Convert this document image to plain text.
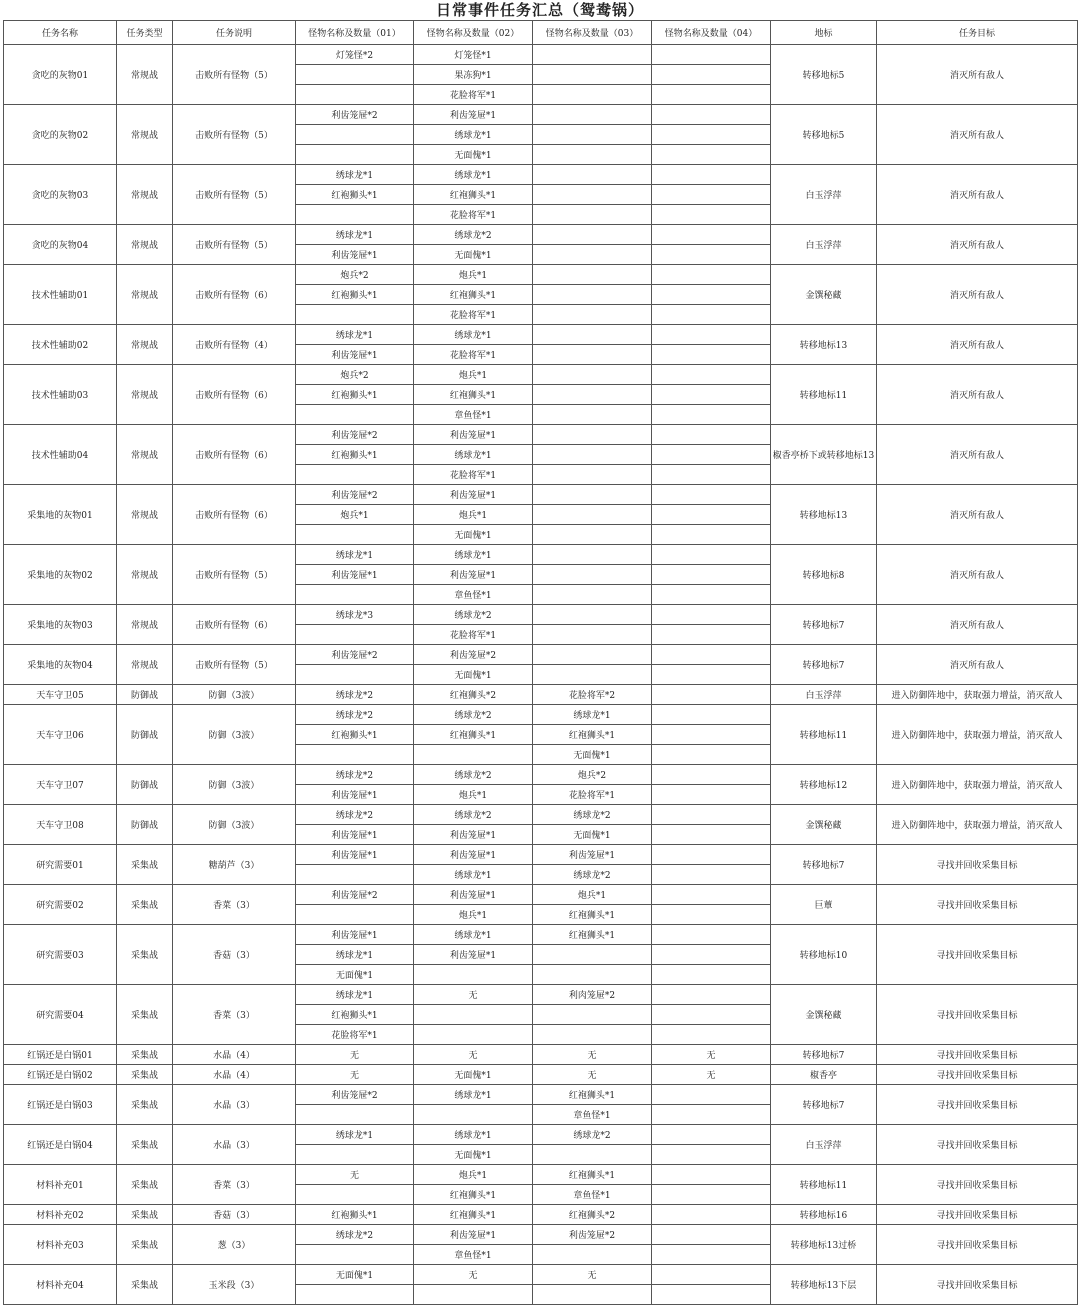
日常事件任务汇总（鸳鸯锅）
任务名称	任务类型	任务说明	怪物名称及数量（01）	怪物名称及数量（02）	怪物名称及数量（03）	怪物名称及数量（04）	地标	任务目标
贪吃的灰物01	常规战	击败所有怪物（5）	灯笼怪*2	灯笼怪*1			转移地标5	消灭所有敌人
				果冻狗*1				
				花脸将军*1				
贪吃的灰物02	常规战	击败所有怪物（5）	利齿笼屉*2	利齿笼屉*1			转移地标5	消灭所有敌人
				绣球龙*1				
				无面傀*1				
贪吃的灰物03	常规战	击败所有怪物（5）	绣球龙*1	绣球龙*1			白玉浮萍	消灭所有敌人
			红袍狮头*1	红袍狮头*1				
				花脸将军*1				
贪吃的灰物04	常规战	击败所有怪物（5）	绣球龙*1	绣球龙*2			白玉浮萍	消灭所有敌人
			利齿笼屉*1	无面傀*1				
技术性辅助01	常规战	击败所有怪物（6）	炮兵*2	炮兵*1			金馔秘藏	消灭所有敌人
			红袍狮头*1	红袍狮头*1				
				花脸将军*1				
技术性辅助02	常规战	击败所有怪物（4）	绣球龙*1	绣球龙*1			转移地标13	消灭所有敌人
			利齿笼屉*1	花脸将军*1				
技术性辅助03	常规战	击败所有怪物（6）	炮兵*2	炮兵*1			转移地标11	消灭所有敌人
			红袍狮头*1	红袍狮头*1				
				章鱼怪*1				
技术性辅助04	常规战	击败所有怪物（6）	利齿笼屉*2	利齿笼屉*1			椒香亭桥下或转移地标13	消灭所有敌人
			红袍狮头*1	绣球龙*1				
				花脸将军*1				
采集地的灰物01	常规战	击败所有怪物（6）	利齿笼屉*2	利齿笼屉*1			转移地标13	消灭所有敌人
			炮兵*1	炮兵*1				
				无面傀*1				
采集地的灰物02	常规战	击败所有怪物（5）	绣球龙*1	绣球龙*1			转移地标8	消灭所有敌人
			利齿笼屉*1	利齿笼屉*1				
				章鱼怪*1				
采集地的灰物03	常规战	击败所有怪物（6）	绣球龙*3	绣球龙*2			转移地标7	消灭所有敌人
				花脸将军*1				
采集地的灰物04	常规战	击败所有怪物（5）	利齿笼屉*2	利齿笼屉*2			转移地标7	消灭所有敌人
				无面傀*1				
天车守卫05	防御战	防御（3波）	绣球龙*2	红袍狮头*2	花脸将军*2		白玉浮萍	进入防御阵地中，获取强力增益，消灭敌人
天车守卫06	防御战	防御（3波）	绣球龙*2	绣球龙*2	绣球龙*1		转移地标11	进入防御阵地中，获取强力增益，消灭敌人
			红袍狮头*1	红袍狮头*1	红袍狮头*1			
					无面傀*1			
天车守卫07	防御战	防御（3波）	绣球龙*2	绣球龙*2	炮兵*2		转移地标12	进入防御阵地中，获取强力增益，消灭敌人
			利齿笼屉*1	炮兵*1	花脸将军*1			
天车守卫08	防御战	防御（3波）	绣球龙*2	绣球龙*2	绣球龙*2		金馔秘藏	进入防御阵地中，获取强力增益，消灭敌人
			利齿笼屉*1	利齿笼屉*1	无面傀*1			
研究需要01	采集战	糖葫芦（3）	利齿笼屉*1	利齿笼屉*1	利齿笼屉*1		转移地标7	寻找并回收采集目标
				绣球龙*1	绣球龙*2			
研究需要02	采集战	香菜（3）	利齿笼屉*2	利齿笼屉*1	炮兵*1		巨蕈	寻找并回收采集目标
				炮兵*1	红袍狮头*1			
研究需要03	采集战	香菇（3）	利齿笼屉*1	绣球龙*1	红袍狮头*1		转移地标10	寻找并回收采集目标
			绣球龙*1	利齿笼屉*1				
			无面傀*1					
研究需要04	采集战	香菜（3）	绣球龙*1	无	利肉笼屉*2		金馔秘藏	寻找并回收采集目标
			红袍狮头*1					
			花脸将军*1					
红锅还是白锅01	采集战	水晶（4）	无	无	无	无	转移地标7	寻找并回收采集目标
红锅还是白锅02	采集战	水晶（4）	无	无面傀*1	无	无	椒香亭	寻找并回收采集目标
红锅还是白锅03	采集战	水晶（3）	利齿笼屉*2	绣球龙*1	红袍狮头*1		转移地标7	寻找并回收采集目标
					章鱼怪*1			
红锅还是白锅04	采集战	水晶（3）	绣球龙*1	绣球龙*1	绣球龙*2		白玉浮萍	寻找并回收采集目标
				无面傀*1				
材料补充01	采集战	香菜（3）	无	炮兵*1	红袍狮头*1		转移地标11	寻找并回收采集目标
				红袍狮头*1	章鱼怪*1			
材料补充02	采集战	香菇（3）	红袍狮头*1	红袍狮头*1	红袍狮头*2		转移地标16	寻找并回收采集目标
材料补充03	采集战	葱（3）	绣球龙*2	利齿笼屉*1	利齿笼屉*2		转移地标13过桥	寻找并回收采集目标
				章鱼怪*1				
材料补充04	采集战	玉米段（3）	无面傀*1	无	无		转移地标13下层	寻找并回收采集目标
